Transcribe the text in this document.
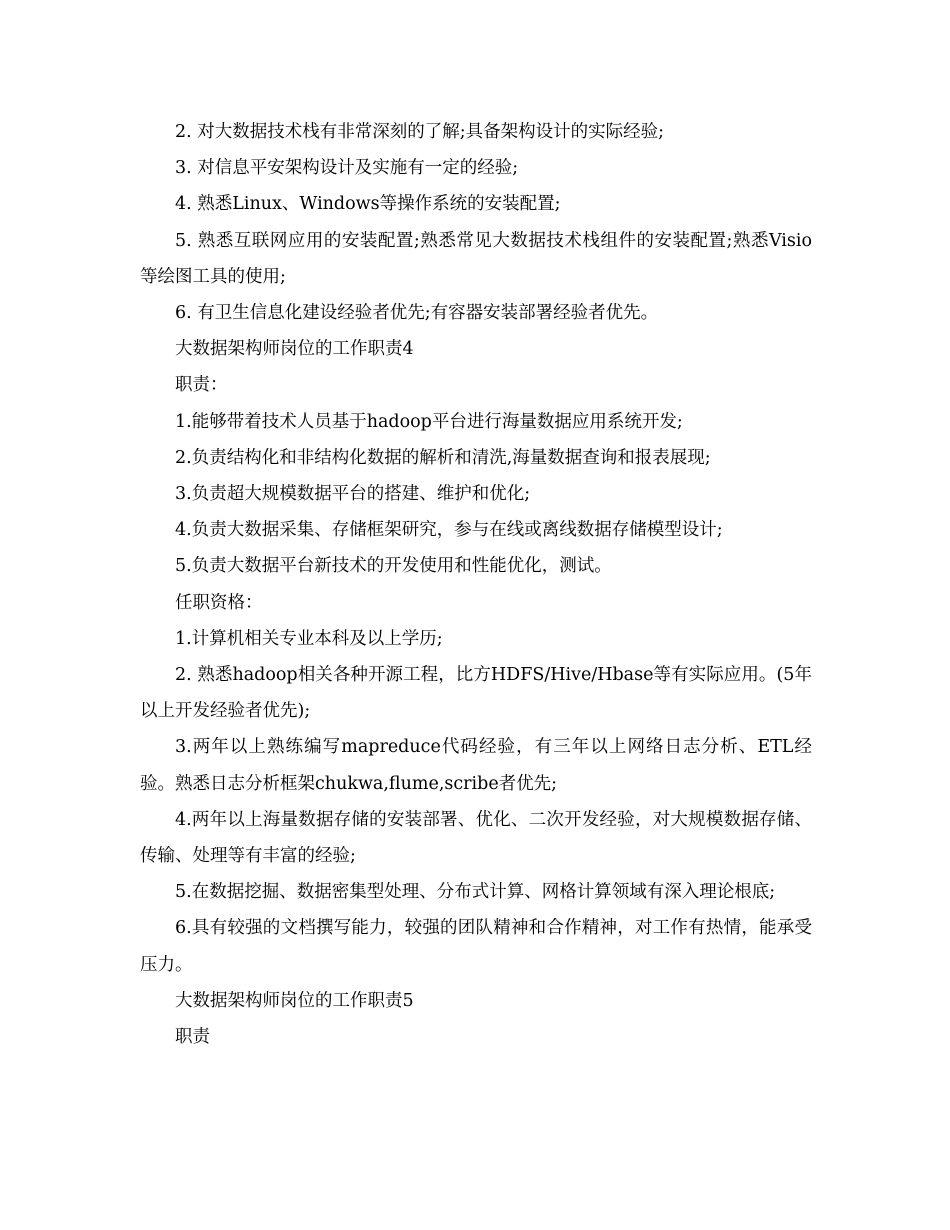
2. 对大数据技术栈有非常深刻的了解;具备架构设计的实际经验;

3. 对信息平安架构设计及实施有一定的经验;

4. 熟悉Linux、Windows等操作系统的安装配置;

5. 熟悉互联网应用的安装配置;熟悉常见大数据技术栈组件的安装配置;熟悉Visio等绘图工具的使用;

6. 有卫生信息化建设经验者优先;有容器安装部署经验者优先。

大数据架构师岗位的工作职责4

职责：

1.能够带着技术人员基于hadoop平台进行海量数据应用系统开发;

2.负责结构化和非结构化数据的解析和清洗,海量数据查询和报表展现;

3.负责超大规模数据平台的搭建、维护和优化;

4.负责大数据采集、存储框架研究，参与在线或离线数据存储模型设计;

5.负责大数据平台新技术的开发使用和性能优化，测试。

任职资格：

1.计算机相关专业本科及以上学历;

2. 熟悉hadoop相关各种开源工程，比方HDFS/Hive/Hbase等有实际应用。(5年以上开发经验者优先);

3.两年以上熟练编写mapreduce代码经验，有三年以上网络日志分析、ETL经验。熟悉日志分析框架chukwa,flume,scribe者优先;

4.两年以上海量数据存储的安装部署、优化、二次开发经验，对大规模数据存储、传输、处理等有丰富的经验;

5.在数据挖掘、数据密集型处理、分布式计算、网格计算领域有深入理论根底;

6.具有较强的文档撰写能力，较强的团队精神和合作精神，对工作有热情，能承受压力。

大数据架构师岗位的工作职责5

职责
